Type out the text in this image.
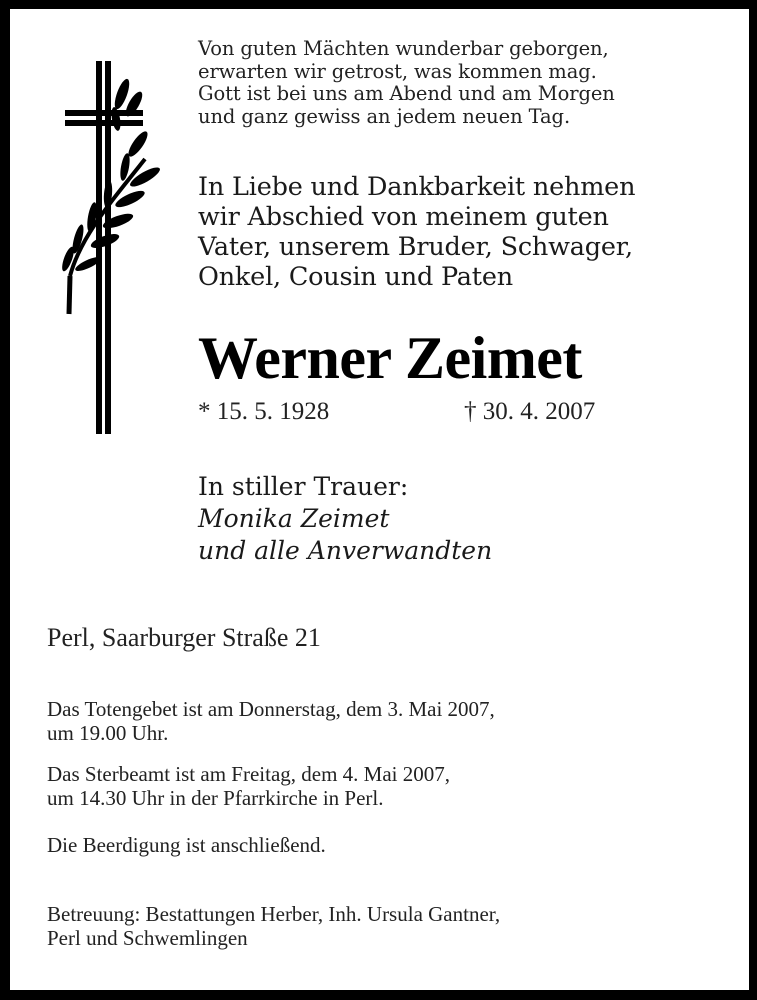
Von guten Mächten wunderbar geborgen,
erwarten wir getrost, was kommen mag.
Gott ist bei uns am Abend und am Morgen
und ganz gewiss an jedem neuen Tag.
In Liebe und Dankbarkeit nehmen
wir Abschied von meinem guten
Vater, unserem Bruder, Schwager,
Onkel, Cousin und Paten
Werner Zeimet
* 15. 5. 1928	† 30. 4. 2007
In stiller Trauer:
Monika Zeimet
und alle Anverwandten
Perl, Saarburger Straße 21
Das Totengebet ist am Donnerstag, dem 3. Mai 2007,
um 19.00 Uhr.
Das Sterbeamt ist am Freitag, dem 4. Mai 2007,
um 14.30 Uhr in der Pfarrkirche in Perl.
Die Beerdigung ist anschließend.
Betreuung: Bestattungen Herber, Inh. Ursula Gantner,
Perl und Schwemlingen
